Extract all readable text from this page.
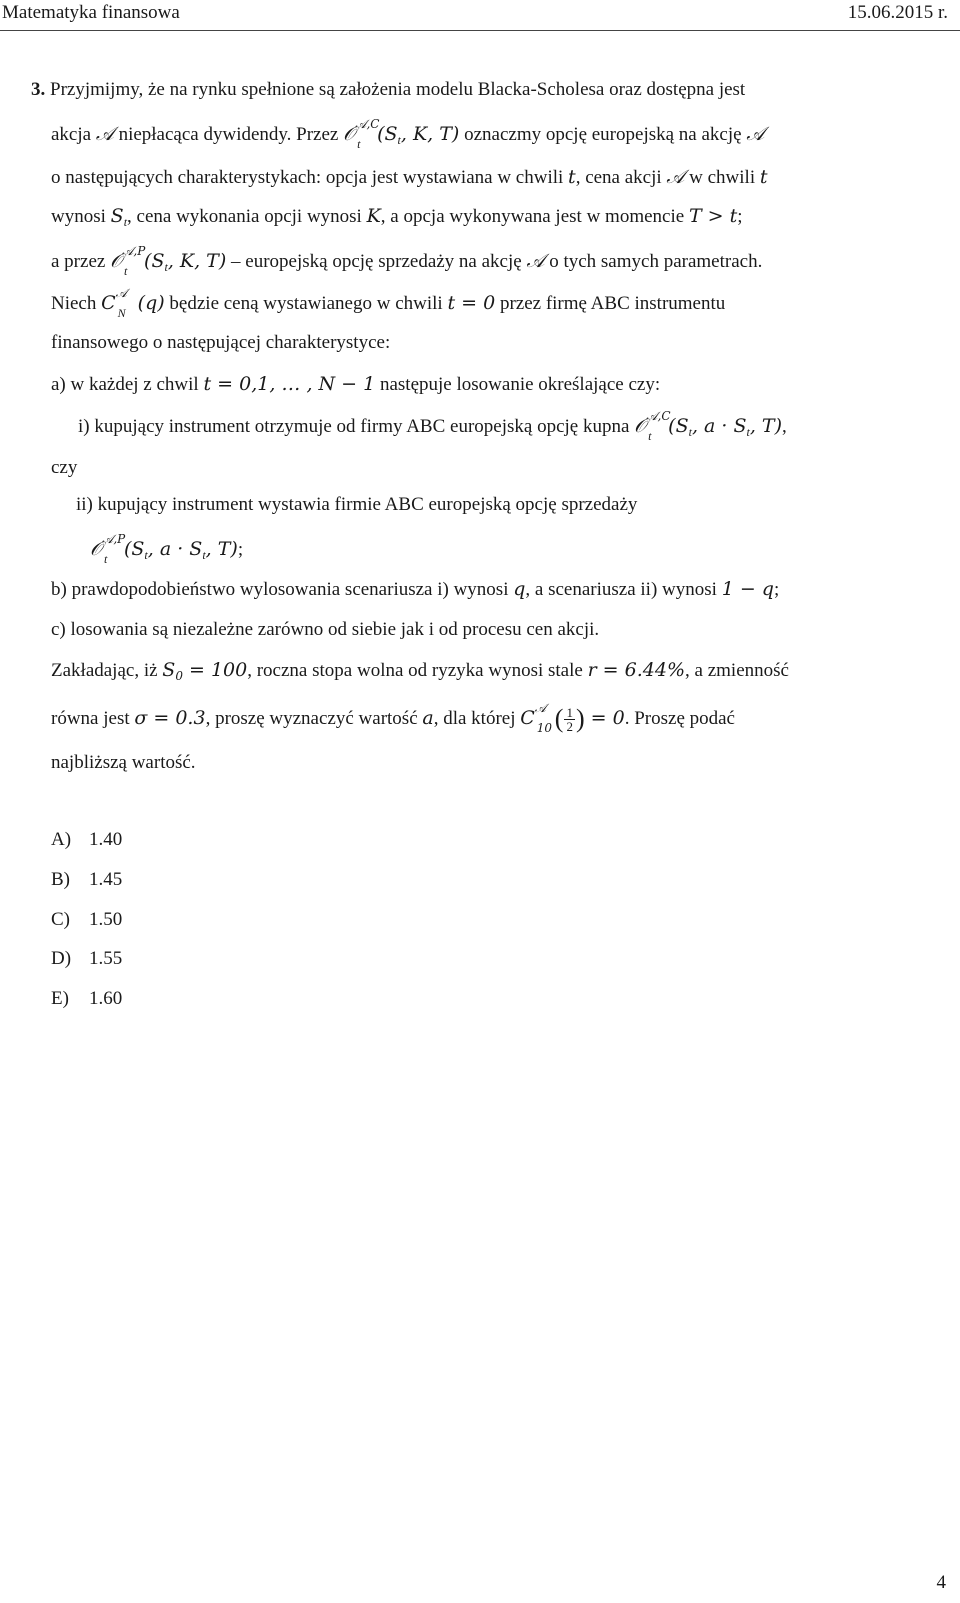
Matematyka finansowa	15.06.2015 r.
3. Przyjmijmy, że na rynku spełnione są założenia modelu Blacka-Scholesa oraz dostępna jest
akcja 𝒜 niepłacąca dywidendy. Przez 𝒪 𝒜,C
t ($S_t$, K, T) oznaczmy opcję europejską na akcję 𝒜
o następujących charakterystykach: opcja jest wystawiana w chwili t, cena akcji 𝒜 w chwili t
wynosi $S_t$, cena wykonania opcji wynosi K, a opcja wykonywana jest w momencie T > t;
a przez 𝒪 𝒜,P
t ($S_t$, K, T) – europejską opcję sprzedaży na akcję 𝒜 o tych samych parametrach.
Niech C 𝒜
N (q) będzie ceną wystawianego w chwili t = 0 przez firmę ABC instrumentu
finansowego o następującej charakterystyce:
a) w każdej z chwil t = 0,1, … , N − 1 następuje losowanie określające czy:
i) kupujący instrument otrzymuje od firmy ABC europejską opcję kupna 𝒪 𝒜,C
t ($S_t$, $a \cdot S_t$, T),
czy
ii) kupujący instrument wystawia firmie ABC europejską opcję sprzedaży
𝒪 𝒜,P
t ($S_t$, $a \cdot S_t$, T);
b) prawdopodobieństwo wylosowania scenariusza i) wynosi q, a scenariusza ii) wynosi 1 − q;
c) losowania są niezależne zarówno od siebie jak i od procesu cen akcji.
Zakładając, iż $S_0 = 100$, roczna stopa wolna od ryzyka wynosi stale r = 6.44%, a zmienność
równa jest σ = 0.3, proszę wyznaczyć wartość a, dla której C 𝒜
10 ( $\frac{1}{2}$ ) = 0. Proszę podać
najbliższą wartość.
A) 1.40
B) 1.45
C) 1.50
D) 1.55
E) 1.60
4
